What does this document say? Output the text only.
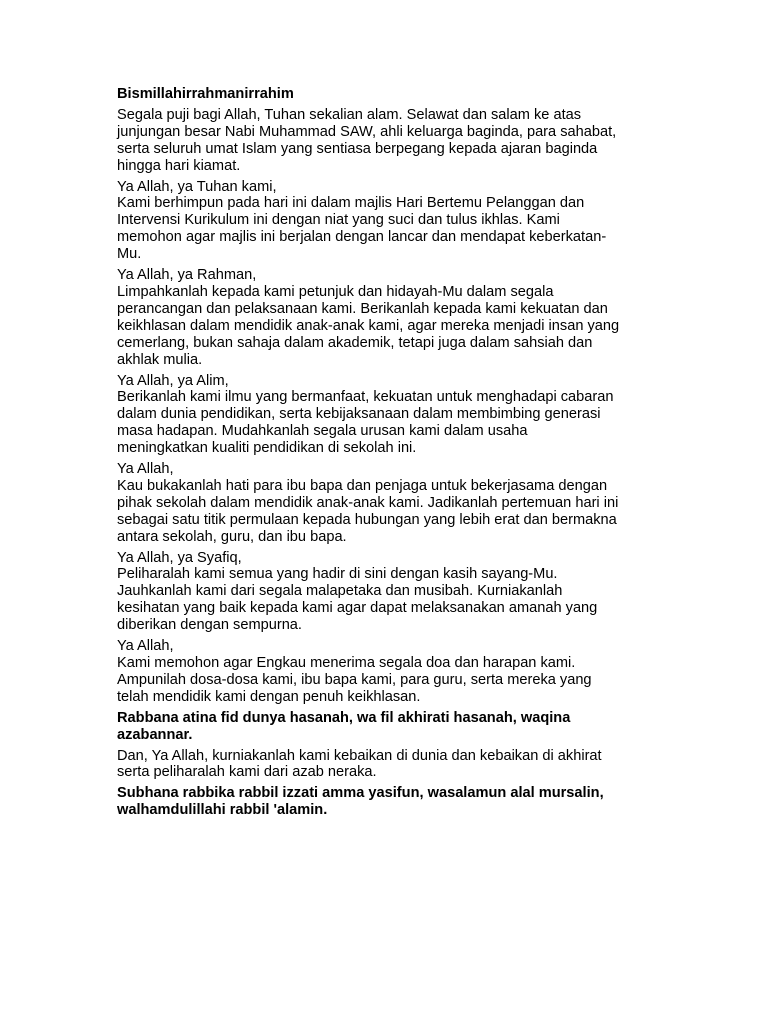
Bismillahirrahmanirrahim
Segala puji bagi Allah, Tuhan sekalian alam. Selawat dan salam ke atas
junjungan besar Nabi Muhammad SAW, ahli keluarga baginda, para sahabat,
serta seluruh umat Islam yang sentiasa berpegang kepada ajaran baginda
hingga hari kiamat.
Ya Allah, ya Tuhan kami,
Kami berhimpun pada hari ini dalam majlis Hari Bertemu Pelanggan dan
Intervensi Kurikulum ini dengan niat yang suci dan tulus ikhlas. Kami
memohon agar majlis ini berjalan dengan lancar dan mendapat keberkatan-
Mu.
Ya Allah, ya Rahman,
Limpahkanlah kepada kami petunjuk dan hidayah-Mu dalam segala
perancangan dan pelaksanaan kami. Berikanlah kepada kami kekuatan dan
keikhlasan dalam mendidik anak-anak kami, agar mereka menjadi insan yang
cemerlang, bukan sahaja dalam akademik, tetapi juga dalam sahsiah dan
akhlak mulia.
Ya Allah, ya Alim,
Berikanlah kami ilmu yang bermanfaat, kekuatan untuk menghadapi cabaran
dalam dunia pendidikan, serta kebijaksanaan dalam membimbing generasi
masa hadapan. Mudahkanlah segala urusan kami dalam usaha
meningkatkan kualiti pendidikan di sekolah ini.
Ya Allah,
Kau bukakanlah hati para ibu bapa dan penjaga untuk bekerjasama dengan
pihak sekolah dalam mendidik anak-anak kami. Jadikanlah pertemuan hari ini
sebagai satu titik permulaan kepada hubungan yang lebih erat dan bermakna
antara sekolah, guru, dan ibu bapa.
Ya Allah, ya Syafiq,
Peliharalah kami semua yang hadir di sini dengan kasih sayang-Mu.
Jauhkanlah kami dari segala malapetaka dan musibah. Kurniakanlah
kesihatan yang baik kepada kami agar dapat melaksanakan amanah yang
diberikan dengan sempurna.
Ya Allah,
Kami memohon agar Engkau menerima segala doa dan harapan kami.
Ampunilah dosa-dosa kami, ibu bapa kami, para guru, serta mereka yang
telah mendidik kami dengan penuh keikhlasan.
Rabbana atina fid dunya hasanah, wa fil akhirati hasanah, waqina
azabannar.
Dan, Ya Allah, kurniakanlah kami kebaikan di dunia dan kebaikan di akhirat
serta peliharalah kami dari azab neraka.
Subhana rabbika rabbil izzati amma yasifun, wasalamun alal mursalin,
walhamdulillahi rabbil 'alamin.
